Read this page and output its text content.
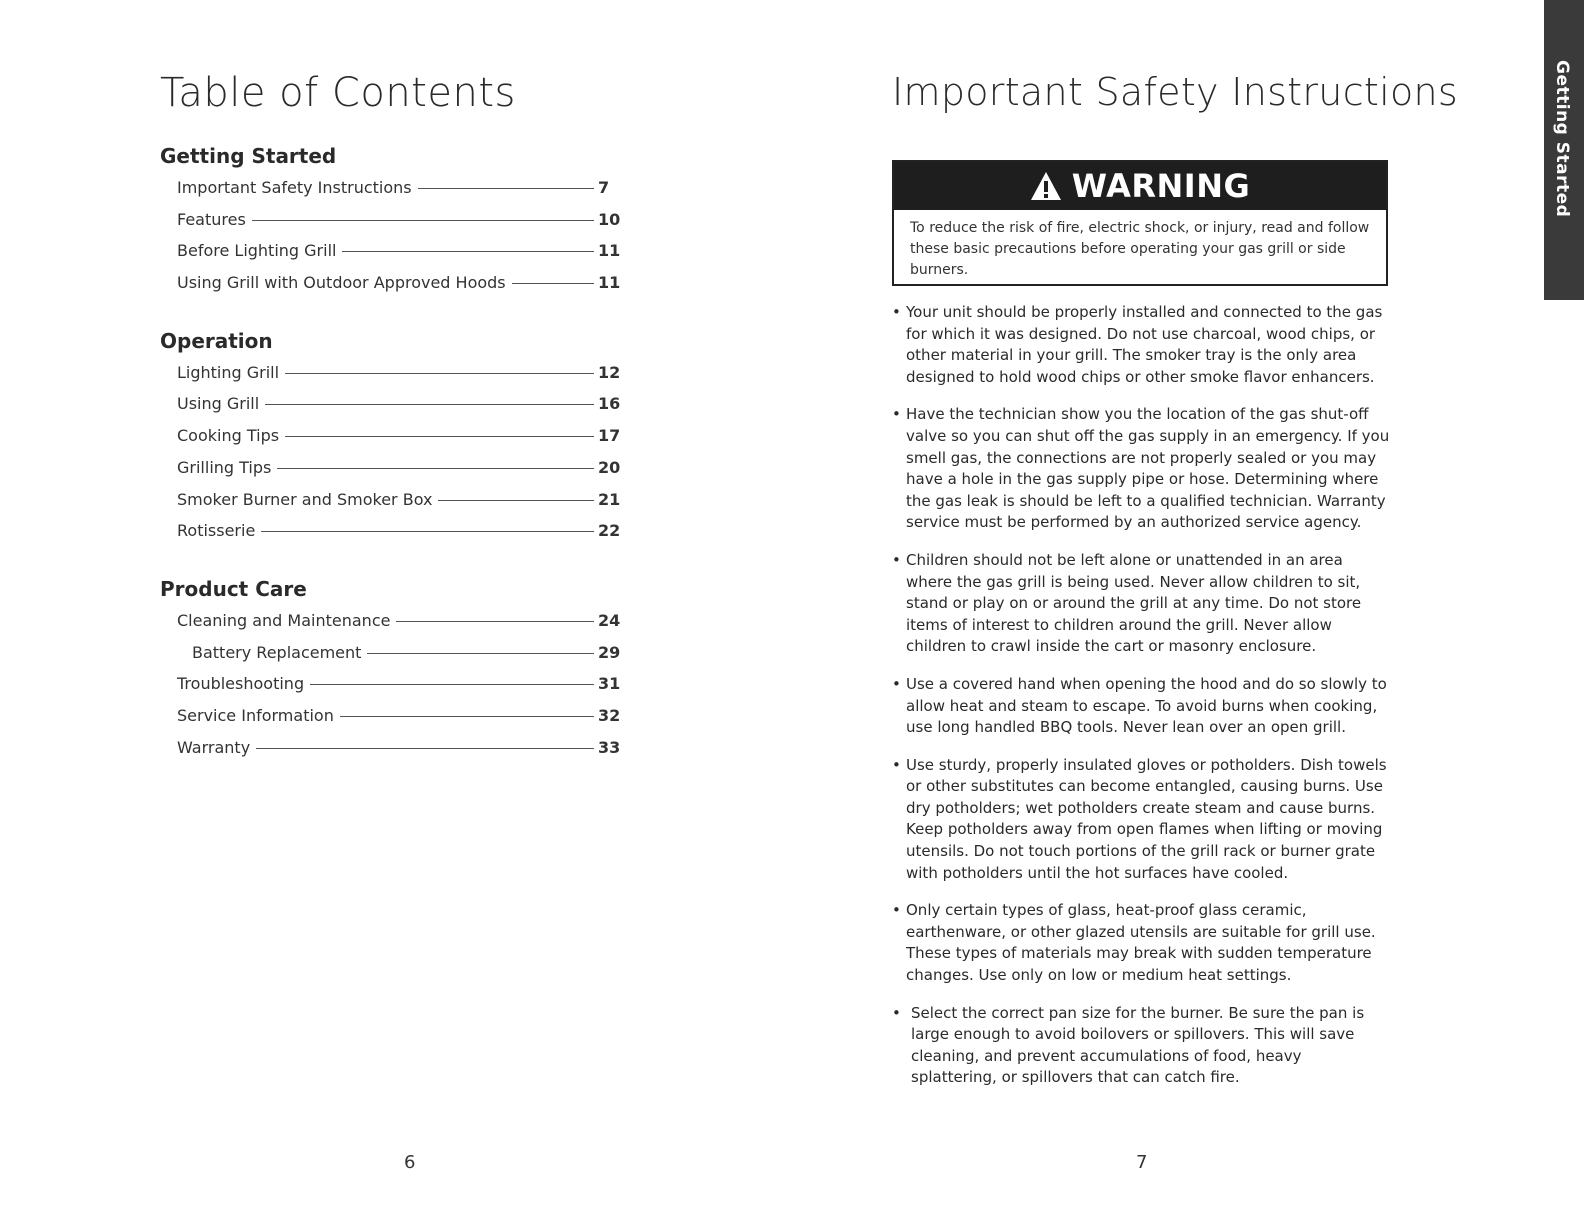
Table of Contents
Getting Started
Important Safety Instructions	7
Features	10
Before Lighting Grill	11
Using Grill with Outdoor Approved Hoods	11
Operation
Lighting Grill	12
Using Grill	16
Cooking Tips	17
Grilling Tips	20
Smoker Burner and Smoker Box	21
Rotisserie	22
Product Care
Cleaning and Maintenance	24
Battery Replacement	29
Troubleshooting	31
Service Information	32
Warranty	33
6
Important Safety Instructions
WARNING
To reduce the risk of fire, electric shock, or injury, read and follow these basic precautions before operating your gas grill or side burners.
• Your unit should be properly installed and connected to the gas for which it was designed. Do not use charcoal, wood chips, or other material in your grill. The smoker tray is the only area designed to hold wood chips or other smoke flavor enhancers.
• Have the technician show you the location of the gas shut-off valve so you can shut off the gas supply in an emergency. If you smell gas, the connections are not properly sealed or you may have a hole in the gas supply pipe or hose. Determining where the gas leak is should be left to a qualified technician. Warranty service must be performed by an authorized service agency.
• Children should not be left alone or unattended in an area where the gas grill is being used. Never allow children to sit, stand or play on or around the grill at any time. Do not store items of interest to children around the grill. Never allow children to crawl inside the cart or masonry enclosure.
• Use a covered hand when opening the hood and do so slowly to allow heat and steam to escape. To avoid burns when cooking, use long handled BBQ tools. Never lean over an open grill.
• Use sturdy, properly insulated gloves or potholders. Dish towels or other substitutes can become entangled, causing burns. Use dry potholders; wet potholders create steam and cause burns. Keep potholders away from open flames when lifting or moving utensils. Do not touch portions of the grill rack or burner grate with potholders until the hot surfaces have cooled.
• Only certain types of glass, heat-proof glass ceramic, earthenware, or other glazed utensils are suitable for grill use. These types of materials may break with sudden temperature changes. Use only on low or medium heat settings.
• Select the correct pan size for the burner. Be sure the pan is large enough to avoid boilovers or spillovers. This will save cleaning, and prevent accumulations of food, heavy splattering, or spillovers that can catch fire.
7
Getting Started
